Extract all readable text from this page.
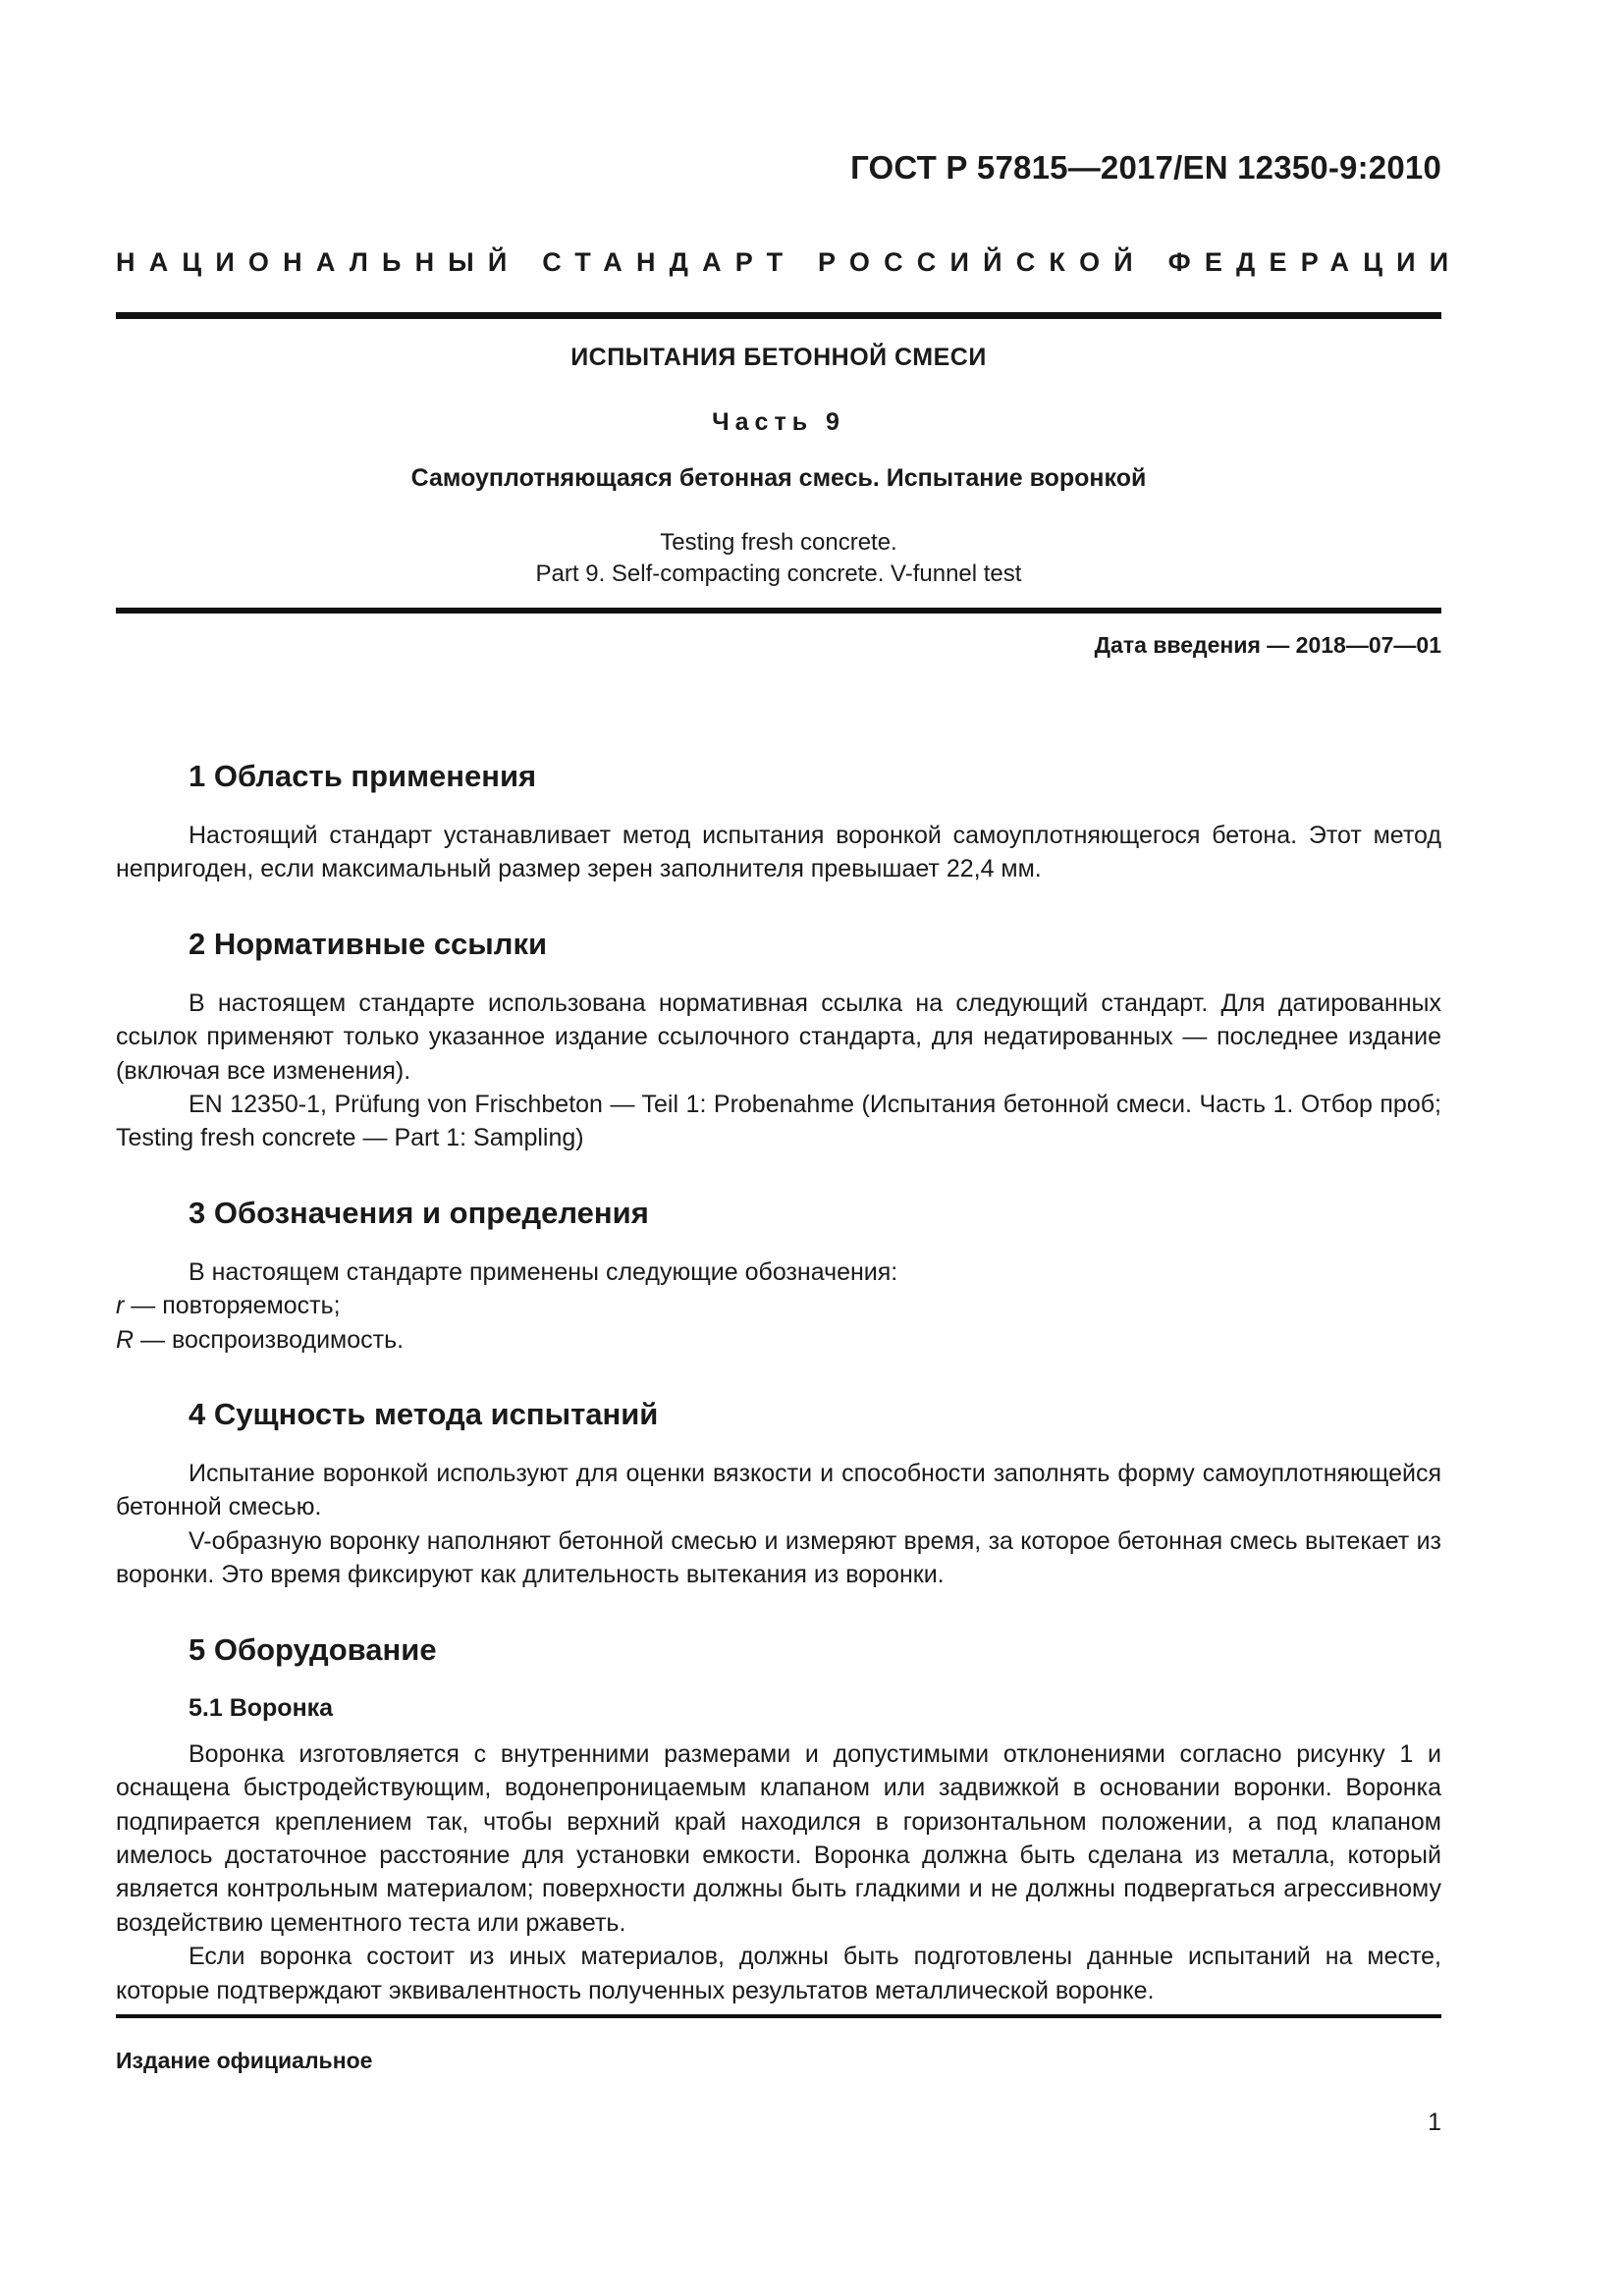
ГОСТ Р 57815—2017/EN 12350-9:2010
НАЦИОНАЛЬНЫЙ СТАНДАРТ РОССИЙСКОЙ ФЕДЕРАЦИИ
ИСПЫТАНИЯ БЕТОННОЙ СМЕСИ
Часть 9
Самоуплотняющаяся бетонная смесь. Испытание воронкой
Testing fresh concrete.
Part 9. Self-compacting concrete. V-funnel test
Дата введения — 2018—07—01
1 Область применения

Настоящий стандарт устанавливает метод испытания воронкой самоуплотняющегося бетона. Этот метод непригоден, если максимальный размер зерен заполнителя превышает 22,4 мм.

2 Нормативные ссылки

В настоящем стандарте использована нормативная ссылка на следующий стандарт. Для датированных ссылок применяют только указанное издание ссылочного стандарта, для недатированных — последнее издание (включая все изменения).

EN 12350-1, Prüfung von Frischbeton — Teil 1: Probenahme (Испытания бетонной смеси. Часть 1. Отбор проб; Testing fresh concrete — Part 1: Sampling)

3 Обозначения и определения

В настоящем стандарте применены следующие обозначения:

r — повторяемость;

R — воспроизводимость.

4 Сущность метода испытаний

Испытание воронкой используют для оценки вязкости и способности заполнять форму самоуплотняющейся бетонной смесью.

V-образную воронку наполняют бетонной смесью и измеряют время, за которое бетонная смесь вытекает из воронки. Это время фиксируют как длительность вытекания из воронки.

5 Оборудование
5.1 Воронка

Воронка изготовляется с внутренними размерами и допустимыми отклонениями согласно рисунку 1 и оснащена быстродействующим, водонепроницаемым клапаном или задвижкой в основании воронки. Воронка подпирается креплением так, чтобы верхний край находился в горизонтальном положении, а под клапаном имелось достаточное расстояние для установки емкости. Воронка должна быть сделана из металла, который является контрольным материалом; поверхности должны быть гладкими и не должны подвергаться агрессивному воздействию цементного теста или ржаветь.

Если воронка состоит из иных материалов, должны быть подготовлены данные испытаний на месте, которые подтверждают эквивалентность полученных результатов металлической воронке.

Издание официальное
1
